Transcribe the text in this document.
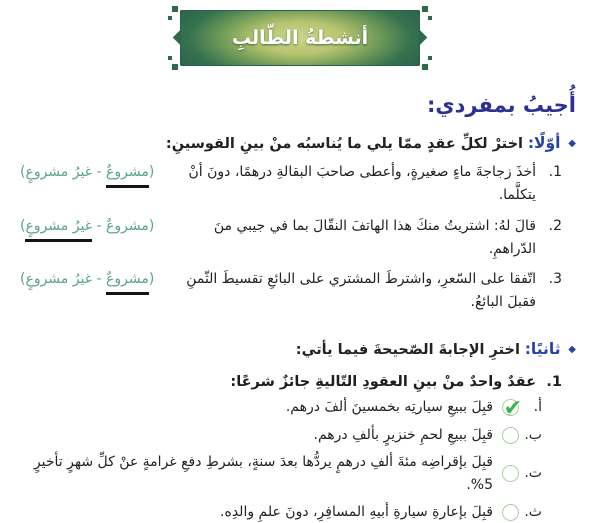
أنشطةُ الطّالبِ
أُجيبُ بمفردي:
◆ أوّلًا: اخترْ لكلِّ عقدٍ ممّا يلي ما يُناسبُه منْ بينِ القوسينِ:
1.
أخذَ زجاجةَ ماءٍ صغيرةٍ، وأعطى صاحبَ البقالةِ درهمًا، دونَ أنْ يتكلَّما.
(مشروعٌ - غيرُ مشروعٍ)
2.
قالَ لهُ: اشتريتُ منكَ هذا الهاتفَ النقّالَ بما في جيبي منَ الدّراهمِ.
(مشروعٌ - غيرُ مشروعٍ)
3.
اتّفقا على السّعرِ، واشترطَ المشتري على البائعِ تقسيطَ الثّمنِ فقبلَ البائعُ.
(مشروعٌ - غيرُ مشروعٍ)
◆ ثانيًا: اخترِ الإجابةَ الصّحيحةَ فيما يأتي:
1.
عقدٌ واحدٌ منْ بينِ العقودِ التّاليةِ جائزٌ شرعًا:
أ.
✔
قبِلَ ببيعِ سيارتِه بخمسينَ ألفَ درهم.
ب.
قبِلَ ببيعِ لحمِ خنزيرٍ بألفِ درهم.
ت.
قبِلَ بإقراضِه مئةَ ألفِ درهمٍ يردُّها بعدَ سنةٍ، بشرطِ دفعِ غرامةٍ عنْ كلِّ شهرٍ تأخيرٍ 5%.
ث.
قبِلَ بإعارةِ سيارةِ أبيهِ المسافِرِ، دونَ علمِ والدِه.
